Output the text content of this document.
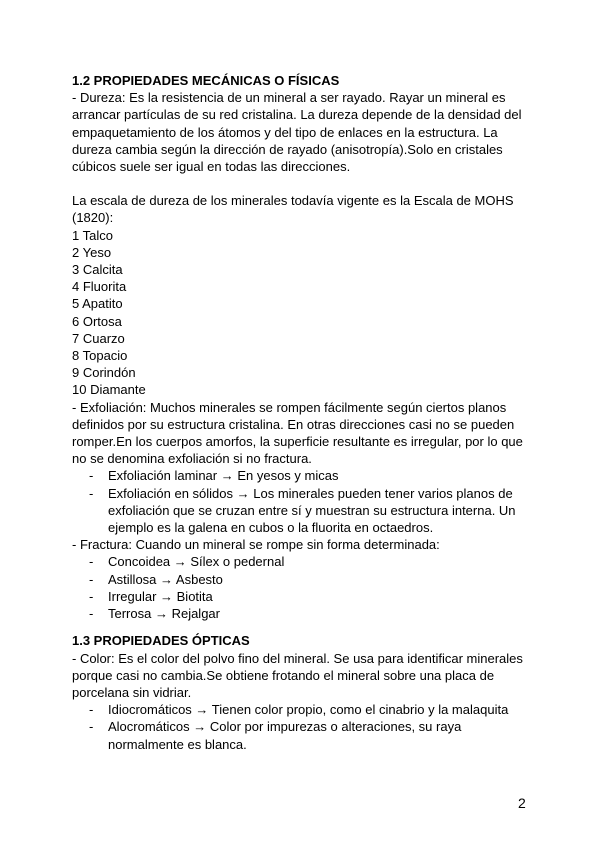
1.2 PROPIEDADES MECÁNICAS O FÍSICAS

- Dureza: Es la resistencia de un mineral a ser rayado. Rayar un mineral es arrancar partículas de su red cristalina. La dureza depende de la densidad del empaquetamiento de los átomos y del tipo de enlaces en la estructura. La dureza cambia según la dirección de rayado (anisotropía).Solo en cristales cúbicos suele ser igual en todas las direcciones.

La escala de dureza de los minerales todavía vigente es la Escala de MOHS (1820):

1 Talco

2 Yeso

3 Calcita

4 Fluorita

5 Apatito

6 Ortosa

7 Cuarzo

8 Topacio

9 Corindón

10 Diamante

- Exfoliación: Muchos minerales se rompen fácilmente según ciertos planos definidos por su estructura cristalina. En otras direcciones casi no se pueden romper.En los cuerpos amorfos, la superficie resultante es irregular, por lo que no se denomina exfoliación si no fractura.

- Exfoliación laminar → En yesos y micas
- Exfoliación en sólidos → Los minerales pueden tener varios planos de exfoliación que se cruzan entre sí y muestran su estructura interna. Un ejemplo es la galena en cubos o la fluorita en octaedros.

- Fractura: Cuando un mineral se rompe sin forma determinada:

- Concoidea → Sílex o pedernal
- Astillosa → Asbesto
- Irregular → Biotita
- Terrosa → Rejalgar

1.3 PROPIEDADES ÓPTICAS

- Color: Es el color del polvo fino del mineral. Se usa para identificar minerales porque casi no cambia.Se obtiene frotando el mineral sobre una placa de porcelana sin vidriar.

- Idiocromáticos → Tienen color propio, como el cinabrio y la malaquita
- Alocromáticos → Color por impurezas o alteraciones, su raya normalmente es blanca.
2
